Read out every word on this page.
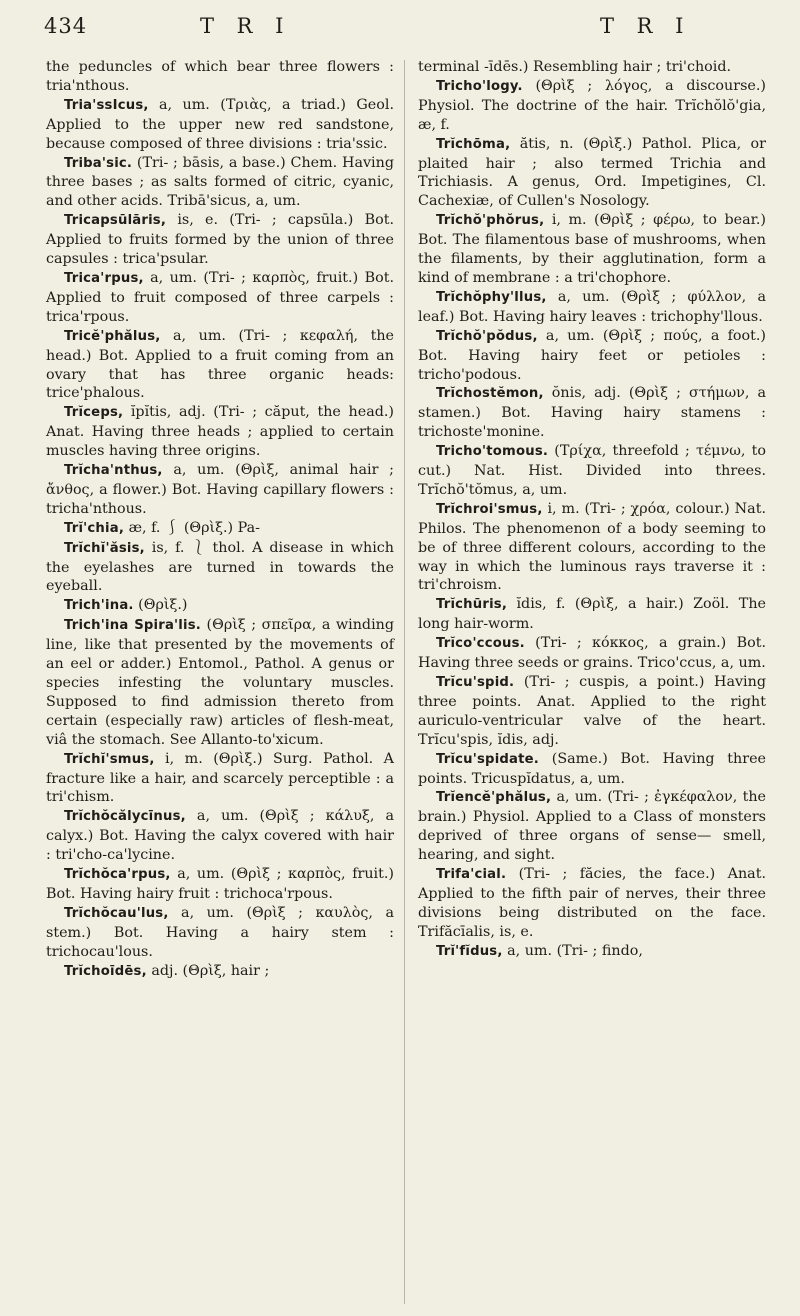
434	T R I	T R I

the peduncles of which bear three flowers : tria'nthous.

Tria'ssIcus, a, um. (Τριὰς, a triad.) Geol. Applied to the upper new red sandstone, because composed of three divisions : tria'ssic.

Triba'sic. (Tri- ; bāsis, a base.) Chem. Having three bases ; as salts formed of citric, cyanic, and other acids. Tribā'sicus, a, um.

Tricapsūlāris, is, e. (Tri- ; capsūla.) Bot. Applied to fruits formed by the union of three capsules : trica'psular.

Trica'rpus, a, um. (Tri- ; καρπὸς, fruit.) Bot. Applied to fruit composed of three carpels : trica'rpous.

Tricĕ'phălus, a, um. (Tri- ; κεφαλή, the head.) Bot. Applied to a fruit coming from an ovary that has three organic heads: trice'phalous.

Trĭceps, ĭpĭtis, adj. (Tri- ; căput, the head.) Anat. Having three heads ; applied to certain muscles having three origins.

Trĭcha'nthus, a, um. (Θρὶξ, animal hair ; ἄνθος, a flower.) Bot. Having capillary flowers : tricha'nthous.

Trĭ'chia, æ, f. ⎰ (Θρὶξ.) Pa-

Trĭchĭ'ăsis, is, f. ⎱ thol. A disease in which the eyelashes are turned in towards the eyeball.

Trich'ina. (Θρὶξ.)

Trich'ina Spira'lis. (Θρὶξ ; σπεῖρα, a winding line, like that presented by the movements of an eel or adder.) Entomol., Pathol. A genus or species infesting the voluntary muscles. Supposed to find admission thereto from certain (especially raw) articles of flesh-meat, viâ the stomach. See Allanto-to'xicum.

Trĭchĭ'smus, i, m. (Θρὶξ.) Surg. Pathol. A fracture like a hair, and scarcely perceptible : a tri'chism.

Trĭchŏcălycīnus, a, um. (Θρὶξ ; κάλυξ, a calyx.) Bot. Having the calyx covered with hair : tri'cho-ca'lycine.

Trĭchŏca'rpus, a, um. (Θρὶξ ; καρπὸς, fruit.) Bot. Having hairy fruit : trichoca'rpous.

Trĭchŏcau'lus, a, um. (Θρὶξ ; καυλὸς, a stem.) Bot. Having a hairy stem : trichocau'lous.

Trĭchoīdēs, adj. (Θρὶξ, hair ;

terminal -īdēs.) Resembling hair ; tri'choid.

Tricho'logy. (Θρὶξ ; λόγος, a discourse.) Physiol. The doctrine of the hair. Trĭchŏlŏ'gia, æ, f.

Trĭchōma, ătis, n. (Θρὶξ.) Pathol. Plica, or plaited hair ; also termed Trichia and Trichiasis. A genus, Ord. Impetigines, Cl. Cachexiæ, of Cullen's Nosology.

Trĭchŏ'phŏrus, i, m. (Θρὶξ ; φέρω, to bear.) Bot. The filamentous base of mushrooms, when the filaments, by their agglutination, form a kind of membrane : a tri'chophore.

Trĭchŏphy'llus, a, um. (Θρὶξ ; φύλλον, a leaf.) Bot. Having hairy leaves : trichophy'llous.

Trĭchŏ'pŏdus, a, um. (Θρὶξ ; πούς, a foot.) Bot. Having hairy feet or petioles : tricho'podous.

Trĭchostĕmon, ŏnis, adj. (Θρὶξ ; στήμων, a stamen.) Bot. Having hairy stamens : trichoste'monine.

Tricho'tomous. (Τρίχα, threefold ; τέμνω, to cut.) Nat. Hist. Divided into threes. Trĭchŏ'tŏmus, a, um.

Trĭchroi'smus, i, m. (Tri- ; χρόα, colour.) Nat. Philos. The phenomenon of a body seeming to be of three different colours, according to the way in which the luminous rays traverse it : tri'chroism.

Trĭchūris, ĭdis, f. (Θρὶξ, a hair.) Zoöl. The long hair-worm.

Trĭco'ccous. (Tri- ; κόκκος, a grain.) Bot. Having three seeds or grains. Trico'ccus, a, um.

Trĭcu'spid. (Tri- ; cuspis, a point.) Having three points. Anat. Applied to the right auriculo-ventricular valve of the heart. Trĭcu'spis, ĭdis, adj.

Trĭcu'spidate. (Same.) Bot. Having three points. Tricuspĭdatus, a, um.

Trĭencĕ'phălus, a, um. (Tri- ; ἐγκέφαλον, the brain.) Physiol. Applied to a Class of monsters deprived of three organs of sense— smell, hearing, and sight.

Trifa'cial. (Tri- ; făcies, the face.) Anat. Applied to the fifth pair of nerves, their three divisions being distributed on the face. Trifăcīalis, is, e.

Trĭ'fĭdus, a, um. (Tri- ; findo,
